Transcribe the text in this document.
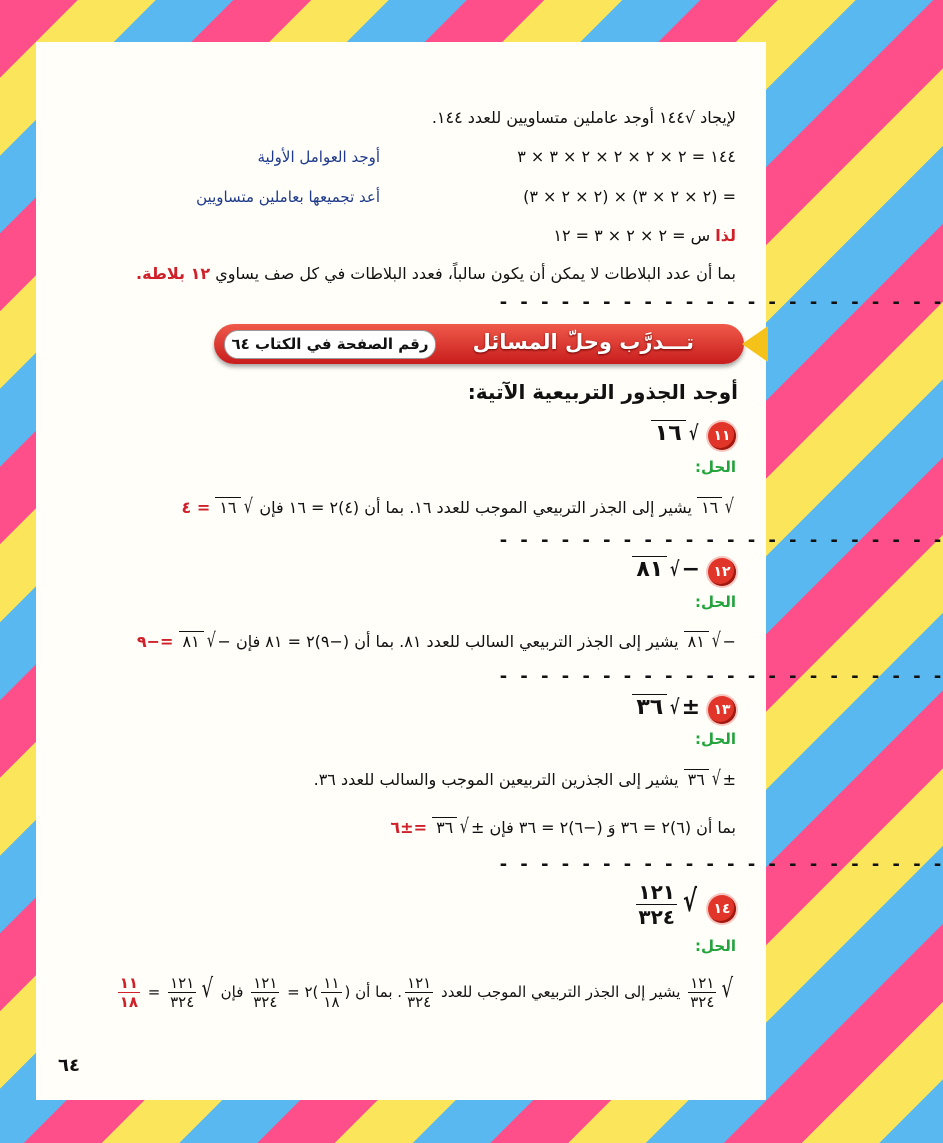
لإيجاد √١٤٤ أوجد عاملين متساويين للعدد ١٤٤.
١٤٤ = ٢ × ٢ × ٢ × ٢ × ٣ × ٣
أوجد العوامل الأولية
= (٢ × ٢ × ٣) × (٢ × ٢ × ٣)
أعد تجميعها بعاملين متساويين
لذا س = ٢ × ٢ × ٣ = ١٢
بما أن عدد البلاطات لا يمكن أن يكون سالباً، فعدد البلاطات في كل صف يساوي ١٢ بلاطة.
- - - - - - - - - - - - - - - - - - - - - -
تـــدرَّب وحلّ المسائل
رقم الصفحة في الكتاب ٦٤
أوجد الجذور التربيعية الآتية:
١١
√١٦
الحل:
√١٦ يشير إلى الجذر التربيعي الموجب للعدد ١٦. بما أن (٤)٢ = ١٦ فإن √١٦ = ٤
- - - - - - - - - - - - - - - - - - - - - -
١٢
−√٨١
الحل:
−√٨١ يشير إلى الجذر التربيعي السالب للعدد ٨١. بما أن (−٩)٢ = ٨١ فإن −√٨١ =−٩
- - - - - - - - - - - - - - - - - - - - - -
١٣
±√٣٦
الحل:
±√٣٦ يشير إلى الجذرين التربيعين الموجب والسالب للعدد ٣٦.
بما أن (٦)٢ = ٣٦ وَ (−٦)٢ = ٣٦ فإن ±√٣٦ =±٦
- - - - - - - - - - - - - - - - - - - - - -
١٤
√
$\frac{١٢١}{٣٢٤}$
الحل:
√
$\frac{١٢١}{٣٢٤}$
يشير إلى الجذر التربيعي الموجب للعدد
$\frac{١٢١}{٣٢٤}$
. بما أن (
$\frac{١١}{١٨}$
)٢ =
$\frac{١٢١}{٣٢٤}$
فإن √
$\frac{١٢١}{٣٢٤}$
=
$\frac{١١}{١٨}$
٦٤
